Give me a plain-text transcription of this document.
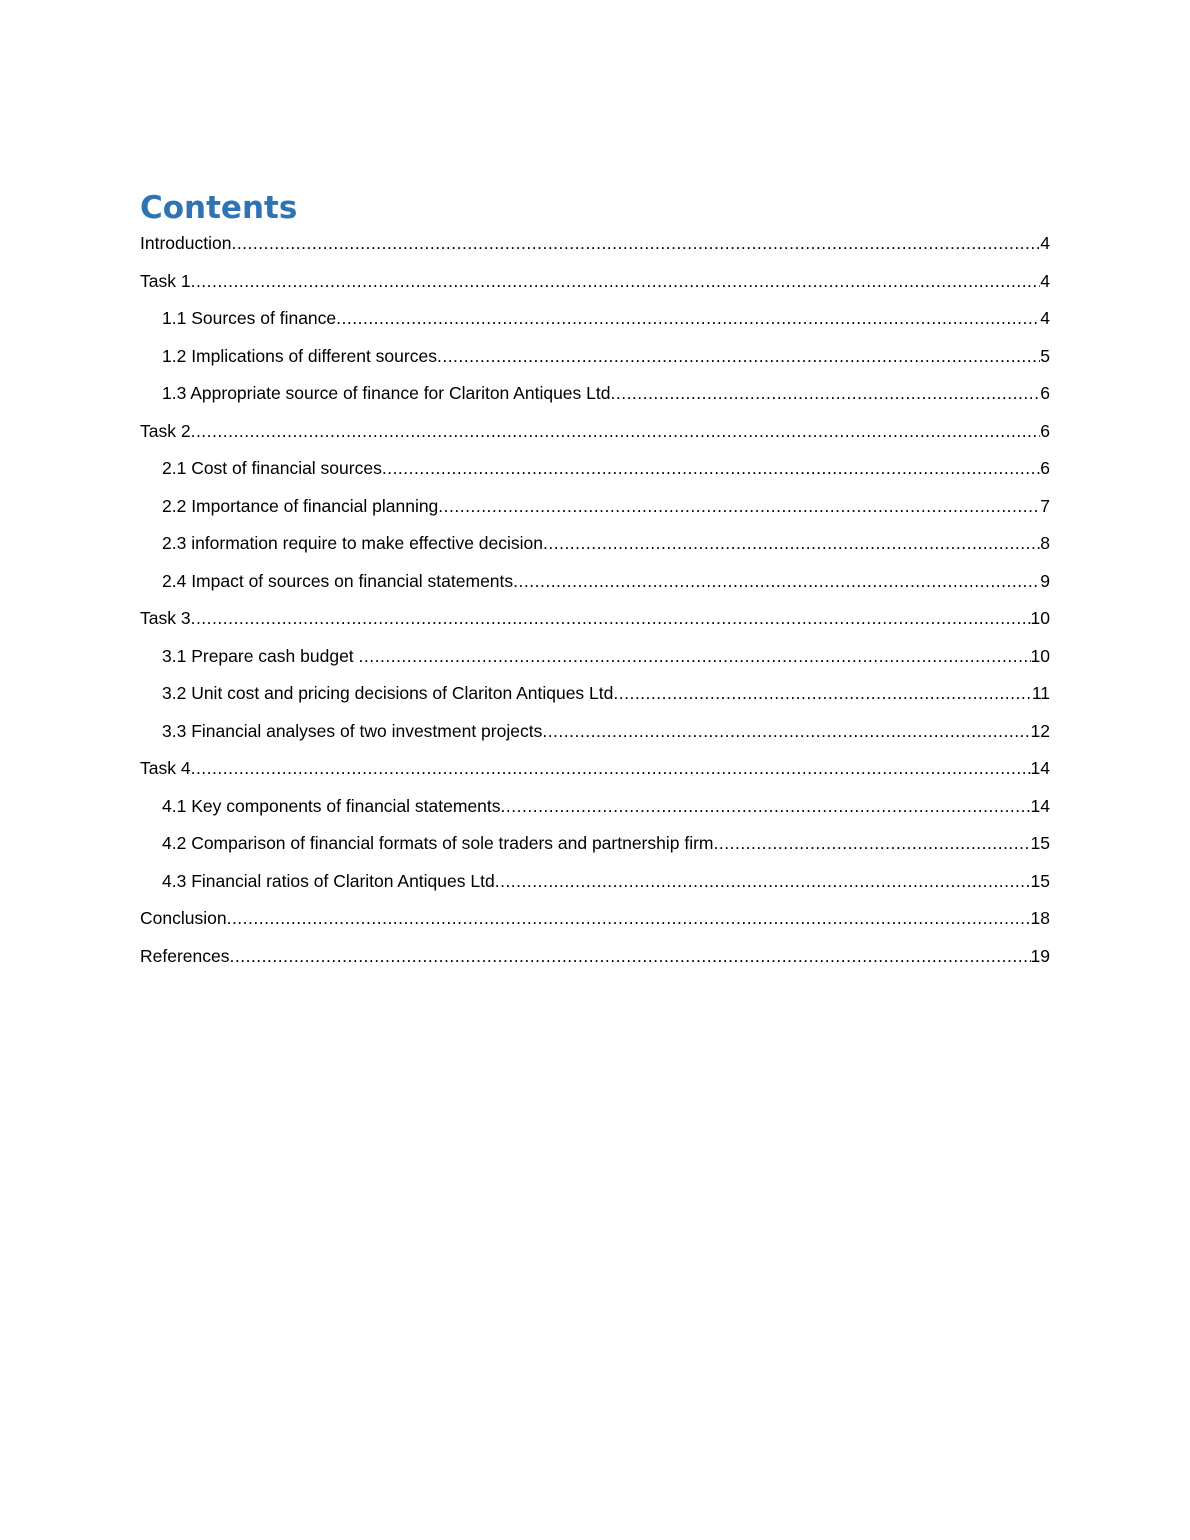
Contents
Introduction .....	4
Task 1 .....	4
1.1 Sources of finance .....	4
1.2 Implications of different sources .....	5
1.3 Appropriate source of finance for Clariton Antiques Ltd .....	6
Task 2 .....	6
2.1 Cost of financial sources .....	6
2.2 Importance of financial planning .....	7
2.3 information require to make effective decision .....	8
2.4 Impact of sources on financial statements .....	9
Task 3 .....	10
3.1 Prepare cash budget .....	10
3.2 Unit cost and pricing decisions of Clariton Antiques Ltd .....	11
3.3 Financial analyses of two investment projects .....	12
Task 4 .....	14
4.1 Key components of financial statements .....	14
4.2 Comparison of financial formats of sole traders and partnership firm .....	15
4.3 Financial ratios of Clariton Antiques Ltd .....	15
Conclusion .....	18
References .....	19
